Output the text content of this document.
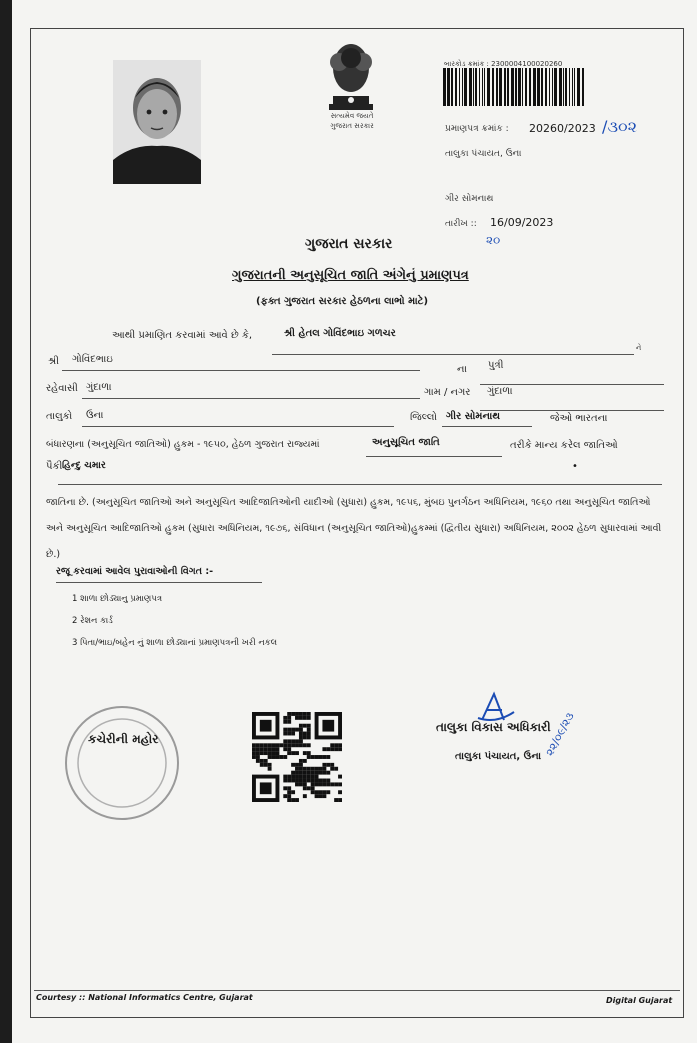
સત્યમેવ જયતે
ગુજરાત સરકાર
બારકોડ ક્રમાંક : 2300004100020260
પ્રમાણપત્ર ક્રમાંક : 20260/2023 /૩૦૨
તાલુકા પંચાયત, ઉના
ગીર સોમનાથ
તારીખ :: 16/09/2023
૨૦
ગુજરાત સરકાર
ગુજરાતની અનુસૂચિત જાતિ અંગેનું પ્રમાણપત્ર
(ફક્ત ગુજરાત સરકાર હેઠળના લાભો માટે)
આથી પ્રમાણિત કરવામાં આવે છે કે,	શ્રી હેતલ ગોવિંદભાઇ ગળચર
ને
શ્રી ગોવિંદભાઇ
ના પુત્રી
રહેવાસી ગુંદાળા	ગામ / નગર ગુંદાળા
તાલુકો ઉના	જિલ્લો ગીર સોમનાથ	જેઓ ભારતના
બંધારણના (અનુસૂચિત જાતિઓ) હુકમ - ૧૯૫૦, હેઠળ ગુજરાત રાજ્યમાં	અનુસૂચિત જાતિ	તરીકે માન્ય કરેલ જાતિઓ
પૈકી હિન્દુ ચમાર	•
જાતિના છે. (અનુસૂચિત જાતિઓ અને અનુસૂચિત આદિજાતિઓની યાદીઓ (સુધારા) હુકમ, ૧૯૫૬, મુંબઇ પુનર્ગઠન અધિનિયમ, ૧૯૬૦ તથા અનુસૂચિત જાતિઓ અને અનુસૂચિત આદિજાતિઓ હુકમ (સુધારા અધિનિયમ, ૧૯૭૬, સંવિધાન (અનુસૂચિત જાતિઓ)હુકમ્માં (દ્વિતીય સુધારા) અધિનિયમ, ૨૦૦૨ હેઠળ સુધારવામાં આવી છે.)
રજૂ કરવામાં આવેલ પુરાવાઓની વિગત :-
1 શાળા છોડ્યાનુ પ્રમાણપત્ર
2 રેશન કાર્ડ
3 પિતા/ભાઇ/બહેન નું શાળા છોડ્યાનાં પ્રમાણપત્રની ખરી નકલ
કચેરીની મહોર
તાલુકા વિકાસ અધિકારી
તાલુકા પંચાયત, ઉના ૨૨/૦૯/૨૩
Courtesy :: National Informatics Centre, Gujarat	Digital Gujarat
